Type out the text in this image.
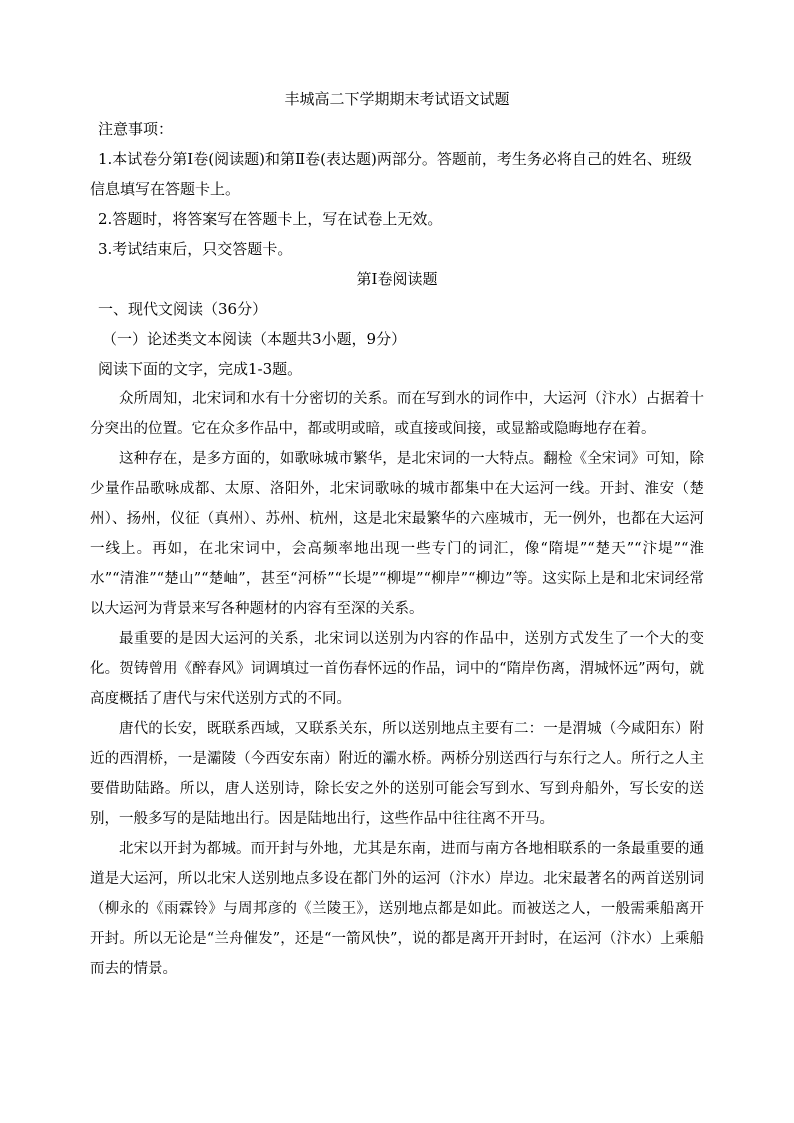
丰城高二下学期期末考试语文试题

注意事项：

1.本试卷分第Ⅰ卷(阅读题)和第Ⅱ卷(表达题)两部分。答题前，考生务必将自己的姓名、班级信息填写在答题卡上。

2.答题时，将答案写在答题卡上，写在试卷上无效。

3.考试结束后，只交答题卡。

第Ⅰ卷阅读题

一、现代文阅读（36分）

（一）论述类文本阅读（本题共3小题，9分）

阅读下面的文字，完成1-3题。

众所周知，北宋词和水有十分密切的关系。而在写到水的词作中，大运河（汴水）占据着十分突出的位置。它在众多作品中，都或明或暗，或直接或间接，或显豁或隐晦地存在着。

这种存在，是多方面的，如歌咏城市繁华，是北宋词的一大特点。翻检《全宋词》可知，除少量作品歌咏成都、太原、洛阳外，北宋词歌咏的城市都集中在大运河一线。开封、淮安（楚州）、扬州，仪征（真州）、苏州、杭州，这是北宋最繁华的六座城市，无一例外，也都在大运河一线上。再如，在北宋词中，会高频率地出现一些专门的词汇，像“隋堤”“楚天”“汴堤”“淮水”“清淮”“楚山”“楚岫”，甚至“河桥”“长堤”“柳堤”“柳岸”“柳边”等。这实际上是和北宋词经常以大运河为背景来写各种题材的内容有至深的关系。

最重要的是因大运河的关系，北宋词以送别为内容的作品中，送别方式发生了一个大的变化。贺铸曾用《醉春风》词调填过一首伤春怀远的作品，词中的“隋岸伤离，渭城怀远”两句，就高度概括了唐代与宋代送别方式的不同。

唐代的长安，既联系西域，又联系关东，所以送别地点主要有二：一是渭城（今咸阳东）附近的西渭桥，一是灞陵（今西安东南）附近的灞水桥。两桥分别送西行与东行之人。所行之人主要借助陆路。所以，唐人送别诗，除长安之外的送别可能会写到水、写到舟船外，写长安的送别，一般多写的是陆地出行。因是陆地出行，这些作品中往往离不开马。

北宋以开封为都城。而开封与外地，尤其是东南，进而与南方各地相联系的一条最重要的通道是大运河，所以北宋人送别地点多设在都门外的运河（汴水）岸边。北宋最著名的两首送别词（柳永的《雨霖铃》与周邦彦的《兰陵王》，送别地点都是如此。而被送之人，一般需乘船离开开封。所以无论是“兰舟催发”，还是“一箭风快”，说的都是离开开封时，在运河（汴水）上乘船而去的情景。
